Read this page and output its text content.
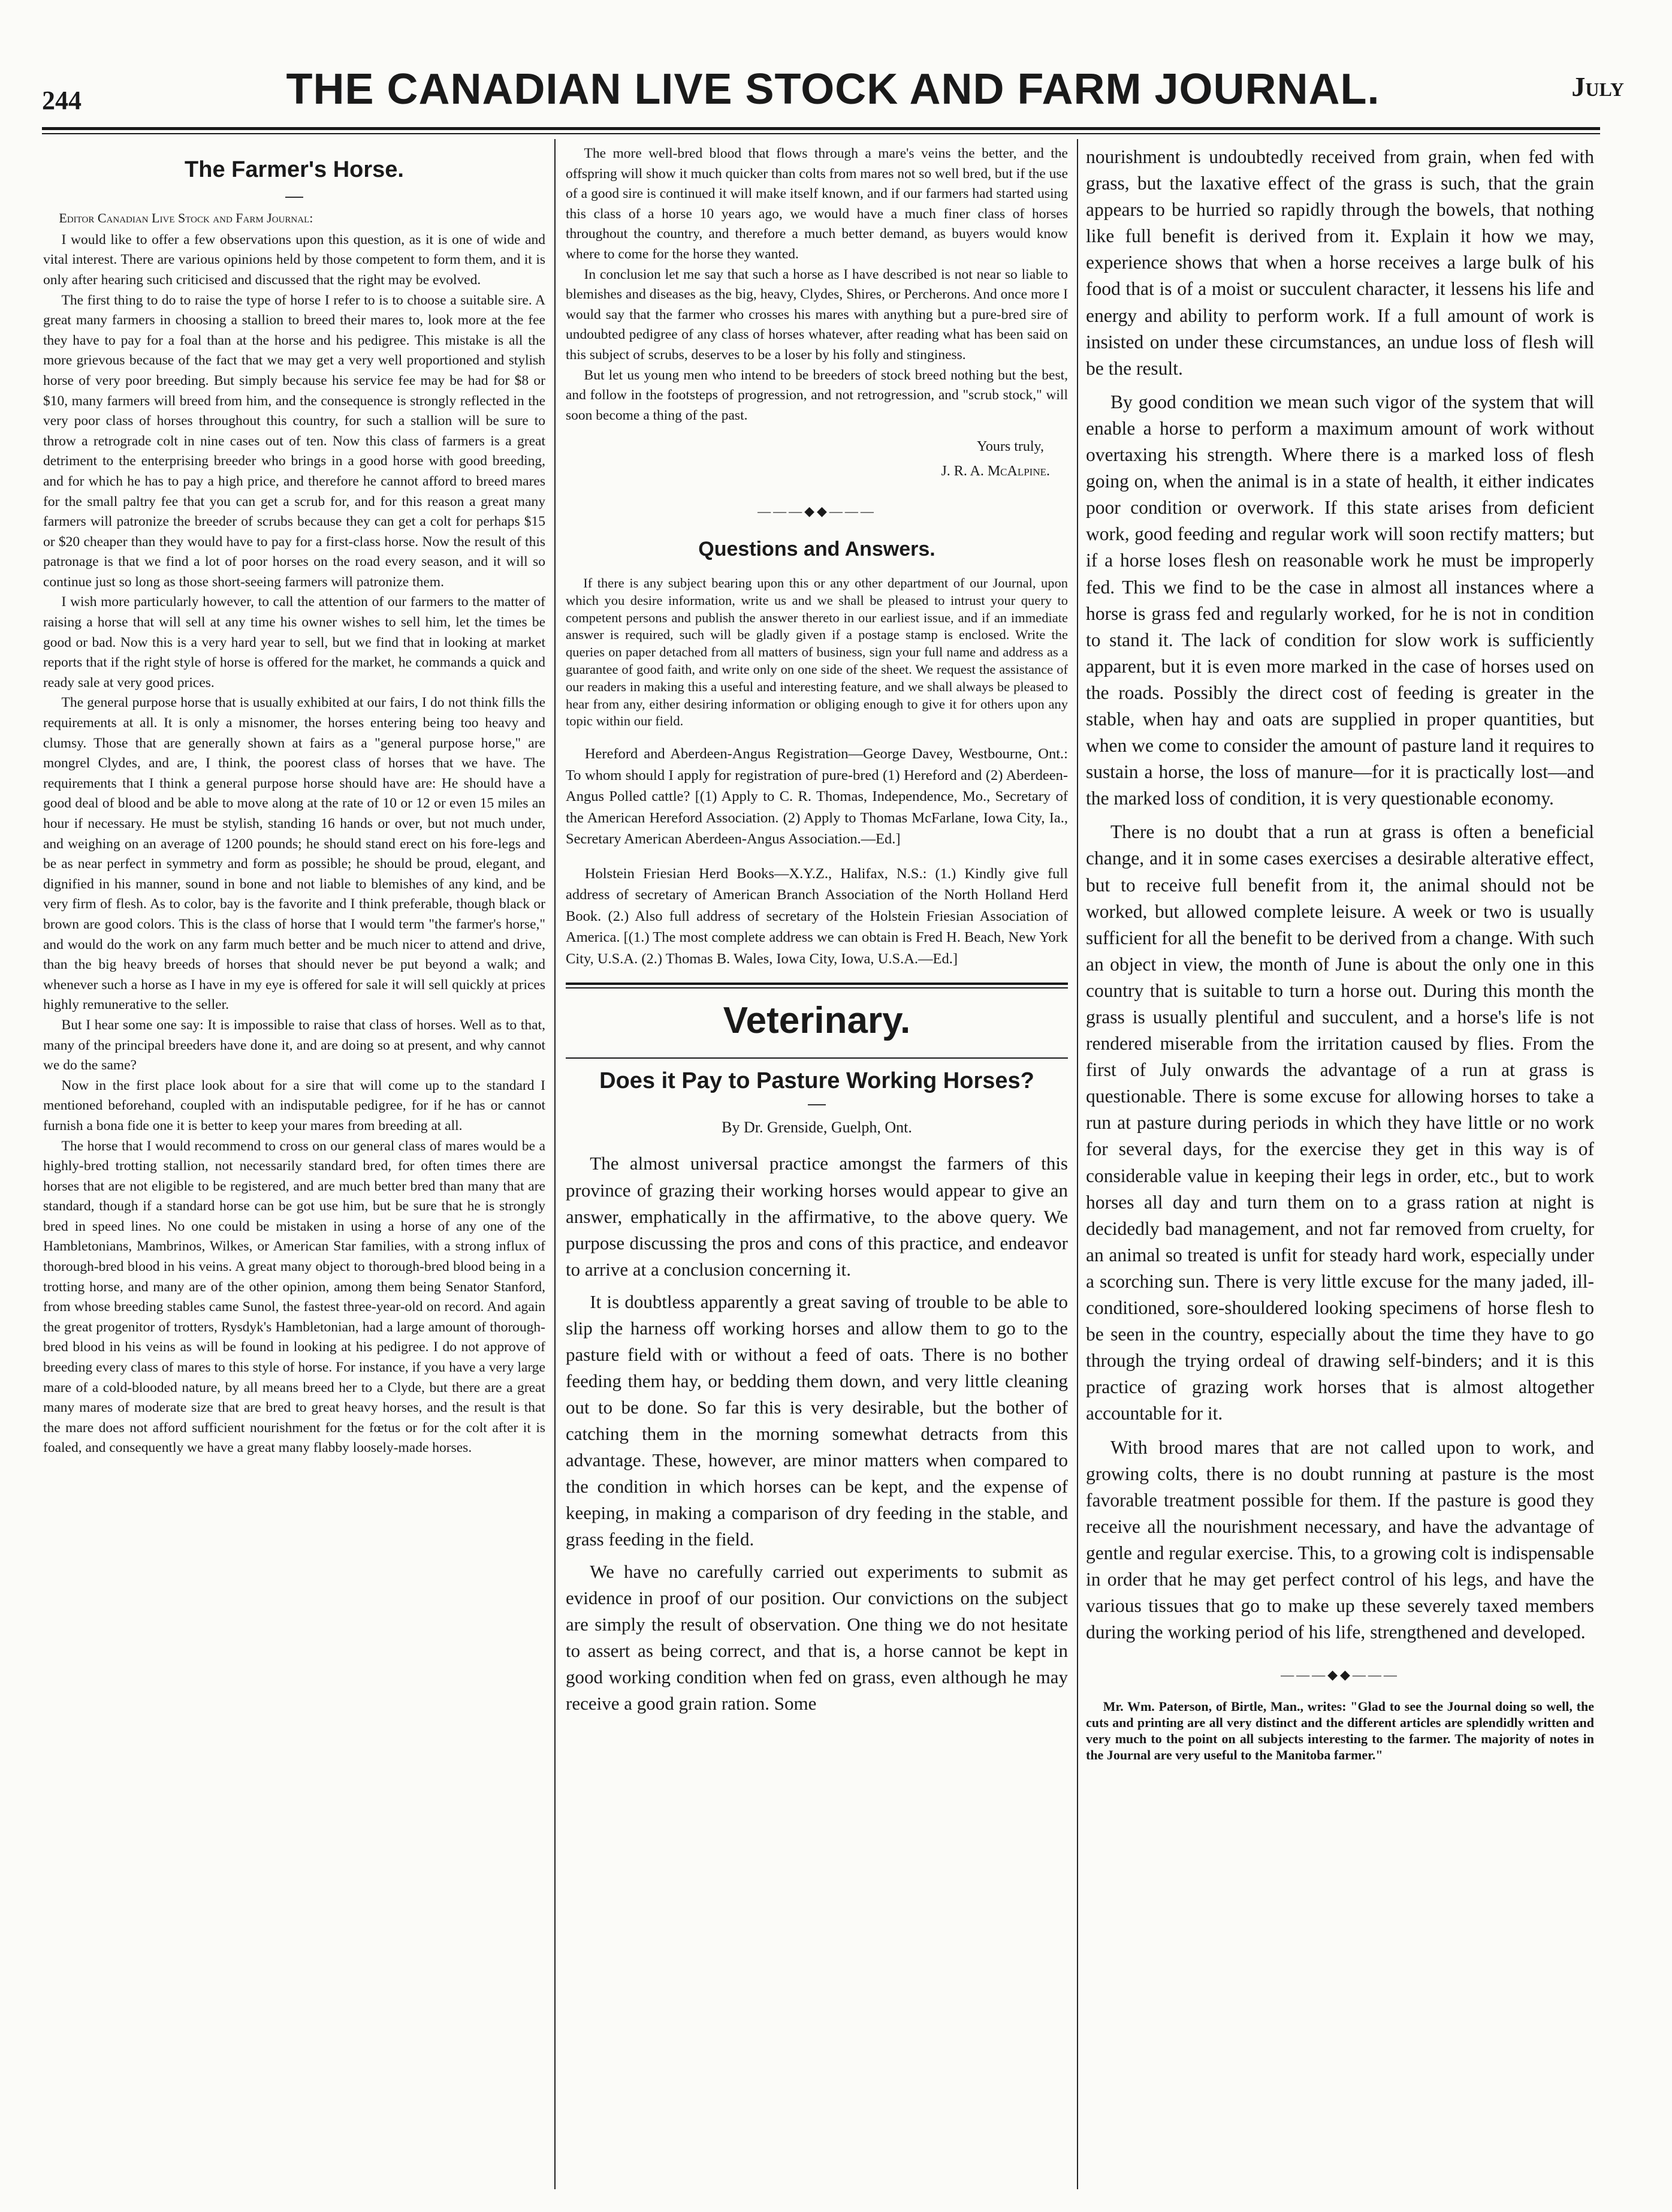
244	THE CANADIAN LIVE STOCK AND FARM JOURNAL.	July
The Farmer's Horse.

Editor Canadian Live Stock and Farm Journal:

I would like to offer a few observations upon this question, as it is one of wide and vital interest. There are various opinions held by those competent to form them, and it is only after hearing such criticised and discussed that the right may be evolved.

The first thing to do to raise the type of horse I refer to is to choose a suitable sire. A great many farmers in choosing a stallion to breed their mares to, look more at the fee they have to pay for a foal than at the horse and his pedigree. This mistake is all the more grievous because of the fact that we may get a very well proportioned and stylish horse of very poor breeding. But simply because his service fee may be had for $8 or $10, many farmers will breed from him, and the consequence is strongly reflected in the very poor class of horses throughout this country, for such a stallion will be sure to throw a retrograde colt in nine cases out of ten. Now this class of farmers is a great detriment to the enterprising breeder who brings in a good horse with good breeding, and for which he has to pay a high price, and therefore he cannot afford to breed mares for the small paltry fee that you can get a scrub for, and for this reason a great many farmers will patronize the breeder of scrubs because they can get a colt for perhaps $15 or $20 cheaper than they would have to pay for a first-class horse. Now the result of this patronage is that we find a lot of poor horses on the road every season, and it will so continue just so long as those short-seeing farmers will patronize them.

I wish more particularly however, to call the attention of our farmers to the matter of raising a horse that will sell at any time his owner wishes to sell him, let the times be good or bad. Now this is a very hard year to sell, but we find that in looking at market reports that if the right style of horse is offered for the market, he commands a quick and ready sale at very good prices.

The general purpose horse that is usually exhibited at our fairs, I do not think fills the requirements at all. It is only a misnomer, the horses entering being too heavy and clumsy. Those that are generally shown at fairs as a "general purpose horse," are mongrel Clydes, and are, I think, the poorest class of horses that we have. The requirements that I think a general purpose horse should have are: He should have a good deal of blood and be able to move along at the rate of 10 or 12 or even 15 miles an hour if necessary. He must be stylish, standing 16 hands or over, but not much under, and weighing on an average of 1200 pounds; he should stand erect on his fore-legs and be as near perfect in symmetry and form as possible; he should be proud, elegant, and dignified in his manner, sound in bone and not liable to blemishes of any kind, and be very firm of flesh. As to color, bay is the favorite and I think preferable, though black or brown are good colors. This is the class of horse that I would term "the farmer's horse," and would do the work on any farm much better and be much nicer to attend and drive, than the big heavy breeds of horses that should never be put beyond a walk; and whenever such a horse as I have in my eye is offered for sale it will sell quickly at prices highly remunerative to the seller.

But I hear some one say: It is impossible to raise that class of horses. Well as to that, many of the principal breeders have done it, and are doing so at present, and why cannot we do the same?

Now in the first place look about for a sire that will come up to the standard I mentioned beforehand, coupled with an indisputable pedigree, for if he has or cannot furnish a bona fide one it is better to keep your mares from breeding at all.

The horse that I would recommend to cross on our general class of mares would be a highly-bred trotting stallion, not necessarily standard bred, for often times there are horses that are not eligible to be registered, and are much better bred than many that are standard, though if a standard horse can be got use him, but be sure that he is strongly bred in speed lines. No one could be mistaken in using a horse of any one of the Hambletonians, Mambrinos, Wilkes, or American Star families, with a strong influx of thorough-bred blood in his veins. A great many object to thorough-bred blood being in a trotting horse, and many are of the other opinion, among them being Senator Stanford, from whose breeding stables came Sunol, the fastest three-year-old on record. And again the great progenitor of trotters, Rysdyk's Hambletonian, had a large amount of thorough-bred blood in his veins as will be found in looking at his pedigree. I do not approve of breeding every class of mares to this style of horse. For instance, if you have a very large mare of a cold-blooded nature, by all means breed her to a Clyde, but there are a great many mares of moderate size that are bred to great heavy horses, and the result is that the mare does not afford sufficient nourishment for the fœtus or for the colt after it is foaled, and consequently we have a great many flabby loosely-made horses.

The more well-bred blood that flows through a mare's veins the better, and the offspring will show it much quicker than colts from mares not so well bred, but if the use of a good sire is continued it will make itself known, and if our farmers had started using this class of a horse 10 years ago, we would have a much finer class of horses throughout the country, and therefore a much better demand, as buyers would know where to come for the horse they wanted.

In conclusion let me say that such a horse as I have described is not near so liable to blemishes and diseases as the big, heavy, Clydes, Shires, or Percherons. And once more I would say that the farmer who crosses his mares with anything but a pure-bred sire of undoubted pedigree of any class of horses whatever, after reading what has been said on this subject of scrubs, deserves to be a loser by his folly and stinginess.

But let us young men who intend to be breeders of stock breed nothing but the best, and follow in the footsteps of progression, and not retrogression, and "scrub stock," will soon become a thing of the past.

Yours truly,
J. R. A. McAlpine.
———◆◆———
Questions and Answers.

If there is any subject bearing upon this or any other department of our Journal, upon which you desire information, write us and we shall be pleased to intrust your query to competent persons and publish the answer thereto in our earliest issue, and if an immediate answer is required, such will be gladly given if a postage stamp is enclosed. Write the queries on paper detached from all matters of business, sign your full name and address as a guarantee of good faith, and write only on one side of the sheet. We request the assistance of our readers in making this a useful and interesting feature, and we shall always be pleased to hear from any, either desiring information or obliging enough to give it for others upon any topic within our field.

Hereford and Aberdeen-Angus Registration—George Davey, Westbourne, Ont.: To whom should I apply for registration of pure-bred (1) Hereford and (2) Aberdeen-Angus Polled cattle? [(1) Apply to C. R. Thomas, Independence, Mo., Secretary of the American Hereford Association. (2) Apply to Thomas McFarlane, Iowa City, Ia., Secretary American Aberdeen-Angus Association.—Ed.]

Holstein Friesian Herd Books—X.Y.Z., Halifax, N.S.: (1.) Kindly give full address of secretary of American Branch Association of the North Holland Herd Book. (2.) Also full address of secretary of the Holstein Friesian Association of America. [(1.) The most complete address we can obtain is Fred H. Beach, New York City, U.S.A. (2.) Thomas B. Wales, Iowa City, Iowa, U.S.A.—Ed.]

Veterinary.
Does it Pay to Pasture Working Horses?
By Dr. Grenside, Guelph, Ont.

The almost universal practice amongst the farmers of this province of grazing their working horses would appear to give an answer, emphatically in the affirmative, to the above query. We purpose discussing the pros and cons of this practice, and endeavor to arrive at a conclusion concerning it.

It is doubtless apparently a great saving of trouble to be able to slip the harness off working horses and allow them to go to the pasture field with or without a feed of oats. There is no bother feeding them hay, or bedding them down, and very little cleaning out to be done. So far this is very desirable, but the bother of catching them in the morning somewhat detracts from this advantage. These, however, are minor matters when compared to the condition in which horses can be kept, and the expense of keeping, in making a comparison of dry feeding in the stable, and grass feeding in the field.

We have no carefully carried out experiments to submit as evidence in proof of our position. Our convictions on the subject are simply the result of observation. One thing we do not hesitate to assert as being correct, and that is, a horse cannot be kept in good working condition when fed on grass, even although he may receive a good grain ration. Some

nourishment is undoubtedly received from grain, when fed with grass, but the laxative effect of the grass is such, that the grain appears to be hurried so rapidly through the bowels, that nothing like full benefit is derived from it. Explain it how we may, experience shows that when a horse receives a large bulk of his food that is of a moist or succulent character, it lessens his life and energy and ability to perform work. If a full amount of work is insisted on under these circumstances, an undue loss of flesh will be the result.

By good condition we mean such vigor of the system that will enable a horse to perform a maximum amount of work without overtaxing his strength. Where there is a marked loss of flesh going on, when the animal is in a state of health, it either indicates poor condition or overwork. If this state arises from deficient work, good feeding and regular work will soon rectify matters; but if a horse loses flesh on reasonable work he must be improperly fed. This we find to be the case in almost all instances where a horse is grass fed and regularly worked, for he is not in condition to stand it. The lack of condition for slow work is sufficiently apparent, but it is even more marked in the case of horses used on the roads. Possibly the direct cost of feeding is greater in the stable, when hay and oats are supplied in proper quantities, but when we come to consider the amount of pasture land it requires to sustain a horse, the loss of manure—for it is practically lost—and the marked loss of condition, it is very questionable economy.

There is no doubt that a run at grass is often a beneficial change, and it in some cases exercises a desirable alterative effect, but to receive full benefit from it, the animal should not be worked, but allowed complete leisure. A week or two is usually sufficient for all the benefit to be derived from a change. With such an object in view, the month of June is about the only one in this country that is suitable to turn a horse out. During this month the grass is usually plentiful and succulent, and a horse's life is not rendered miserable from the irritation caused by flies. From the first of July onwards the advantage of a run at grass is questionable. There is some excuse for allowing horses to take a run at pasture during periods in which they have little or no work for several days, for the exercise they get in this way is of considerable value in keeping their legs in order, etc., but to work horses all day and turn them on to a grass ration at night is decidedly bad management, and not far removed from cruelty, for an animal so treated is unfit for steady hard work, especially under a scorching sun. There is very little excuse for the many jaded, ill-conditioned, sore-shouldered looking specimens of horse flesh to be seen in the country, especially about the time they have to go through the trying ordeal of drawing self-binders; and it is this practice of grazing work horses that is almost altogether accountable for it.

With brood mares that are not called upon to work, and growing colts, there is no doubt running at pasture is the most favorable treatment possible for them. If the pasture is good they receive all the nourishment necessary, and have the advantage of gentle and regular exercise. This, to a growing colt is indispensable in order that he may get perfect control of his legs, and have the various tissues that go to make up these severely taxed members during the working period of his life, strengthened and developed.

———◆◆———

Mr. Wm. Paterson, of Birtle, Man., writes: "Glad to see the Journal doing so well, the cuts and printing are all very distinct and the different articles are splendidly written and very much to the point on all subjects interesting to the farmer. The majority of notes in the Journal are very useful to the Manitoba farmer."
